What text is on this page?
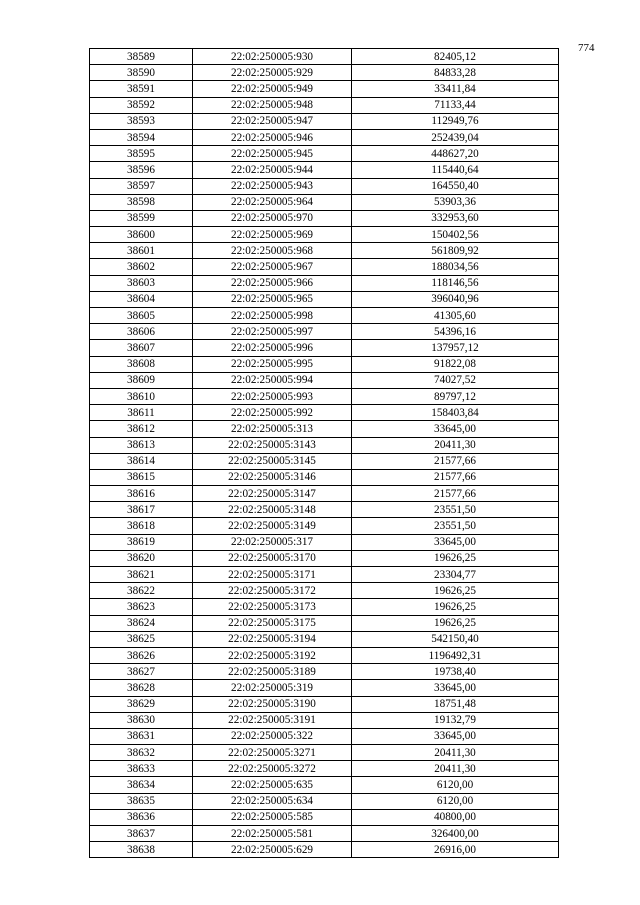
774
38589	22:02:250005:930	82405,12
38590	22:02:250005:929	84833,28
38591	22:02:250005:949	33411,84
38592	22:02:250005:948	71133,44
38593	22:02:250005:947	112949,76
38594	22:02:250005:946	252439,04
38595	22:02:250005:945	448627,20
38596	22:02:250005:944	115440,64
38597	22:02:250005:943	164550,40
38598	22:02:250005:964	53903,36
38599	22:02:250005:970	332953,60
38600	22:02:250005:969	150402,56
38601	22:02:250005:968	561809,92
38602	22:02:250005:967	188034,56
38603	22:02:250005:966	118146,56
38604	22:02:250005:965	396040,96
38605	22:02:250005:998	41305,60
38606	22:02:250005:997	54396,16
38607	22:02:250005:996	137957,12
38608	22:02:250005:995	91822,08
38609	22:02:250005:994	74027,52
38610	22:02:250005:993	89797,12
38611	22:02:250005:992	158403,84
38612	22:02:250005:313	33645,00
38613	22:02:250005:3143	20411,30
38614	22:02:250005:3145	21577,66
38615	22:02:250005:3146	21577,66
38616	22:02:250005:3147	21577,66
38617	22:02:250005:3148	23551,50
38618	22:02:250005:3149	23551,50
38619	22:02:250005:317	33645,00
38620	22:02:250005:3170	19626,25
38621	22:02:250005:3171	23304,77
38622	22:02:250005:3172	19626,25
38623	22:02:250005:3173	19626,25
38624	22:02:250005:3175	19626,25
38625	22:02:250005:3194	542150,40
38626	22:02:250005:3192	1196492,31
38627	22:02:250005:3189	19738,40
38628	22:02:250005:319	33645,00
38629	22:02:250005:3190	18751,48
38630	22:02:250005:3191	19132,79
38631	22:02:250005:322	33645,00
38632	22:02:250005:3271	20411,30
38633	22:02:250005:3272	20411,30
38634	22:02:250005:635	6120,00
38635	22:02:250005:634	6120,00
38636	22:02:250005:585	40800,00
38637	22:02:250005:581	326400,00
38638	22:02:250005:629	26916,00
